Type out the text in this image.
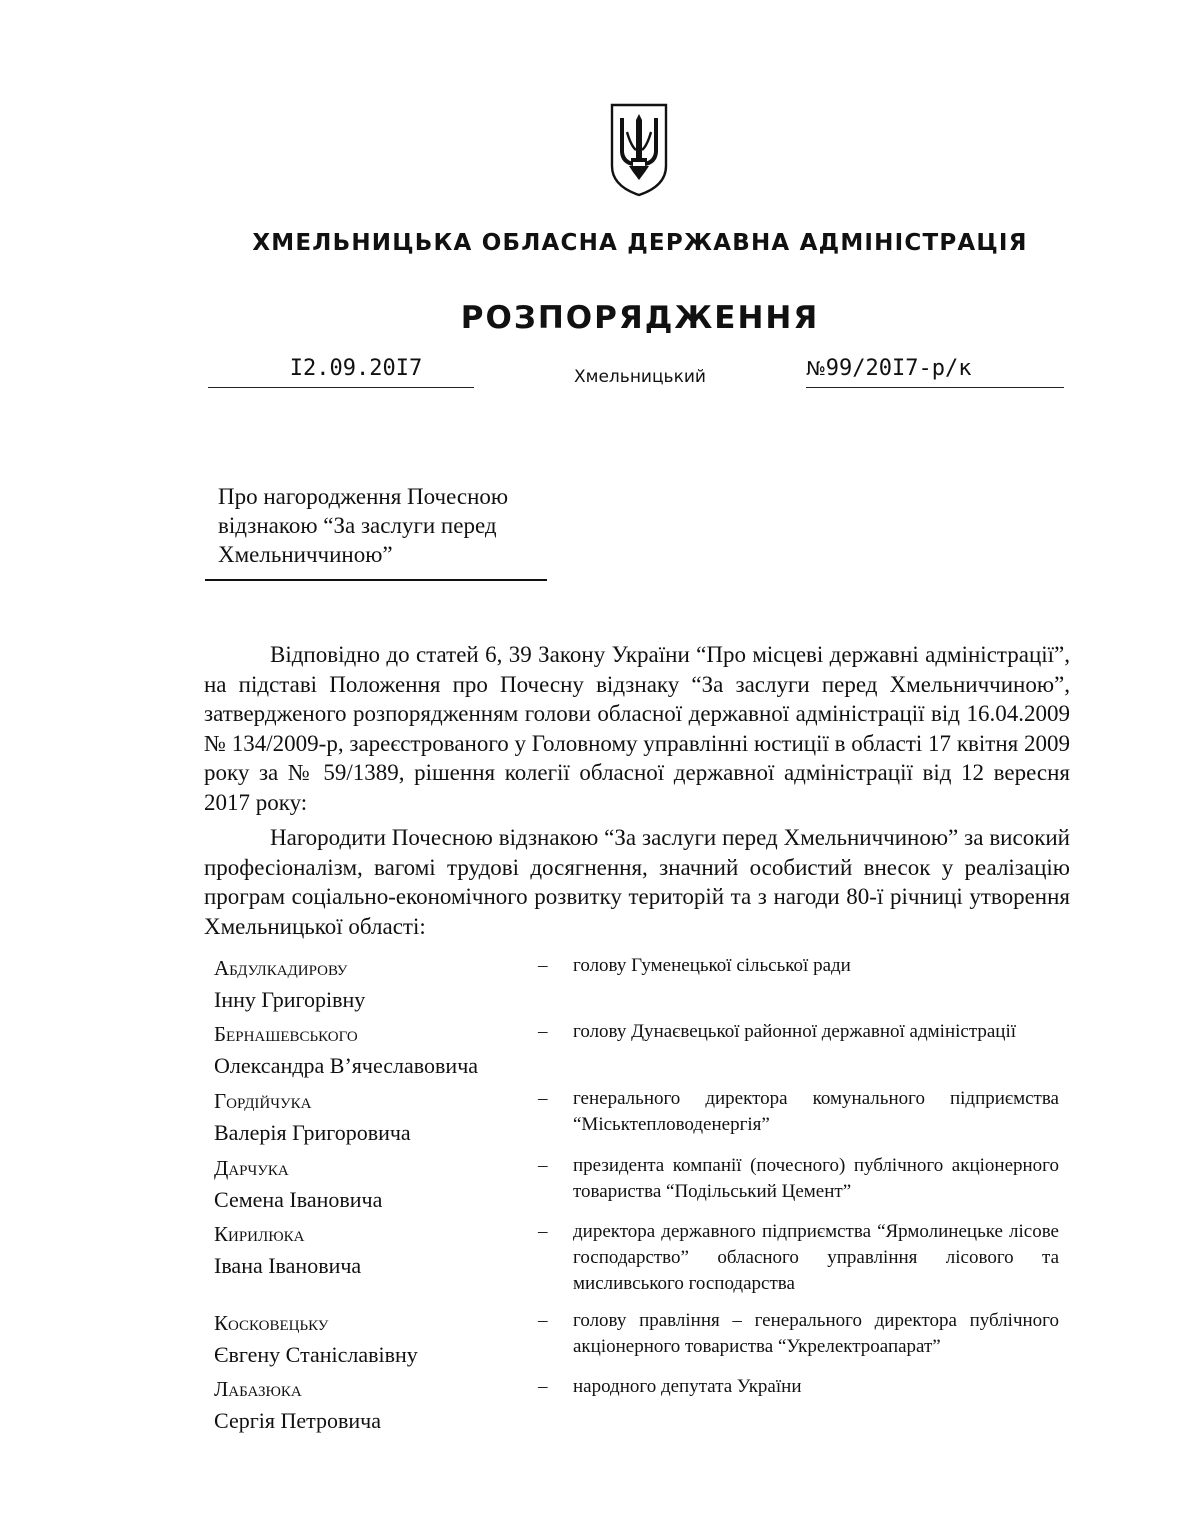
ХМЕЛЬНИЦЬКА ОБЛАСНА ДЕРЖАВНА АДМІНІСТРАЦІЯ
РОЗПОРЯДЖЕННЯ
I2.09.20I7	Хмельницький	№99/20I7-р/к
Про нагородження Почесною
відзнакою “За заслуги перед
Хмельниччиною”

Відповідно до статей 6, 39 Закону України “Про місцеві державні адміністрації”, на підставі Положення про Почесну відзнаку “За заслуги перед Хмельниччиною”, затвердженого розпорядженням голови обласної державної адміністрації від 16.04.2009 № 134/2009-р, зареєстрованого у Головному управлінні юстиції в області 17 квітня 2009 року за № 59/1389, рішення колегії обласної державної адміністрації від 12 вересня 2017 року:

Нагородити Почесною відзнакою “За заслуги перед Хмельниччиною” за високий професіоналізм, вагомі трудові досягнення, значний особистий внесок у реалізацію програм соціально-економічного розвитку територій та з нагоди 80-ї річниці утворення Хмельницької області:

Абдулкадирову
Інну Григорівну
– голову Гуменецької сільської ради
Бернашевського
Олександра В’ячеславовича
– голову Дунаєвецької районної державної адміністрації
Гордійчука
Валерія Григоровича
– генерального директора комунального підприємства “Міськтепловоденергія”
Дарчука
Семена Івановича
– президента компанії (почесного) публічного акціонерного товариства “Подільський Цемент”
Кирилюка
Івана Івановича
– директора державного підприємства “Ярмолинецьке лісове господарство” обласного управління лісового та мисливського господарства
Косковецьку
Євгену Станіславівну
– голову правління – генерального директора публічного акціонерного товариства “Укрелектроапарат”
Лабазюка
Сергія Петровича
– народного депутата України
